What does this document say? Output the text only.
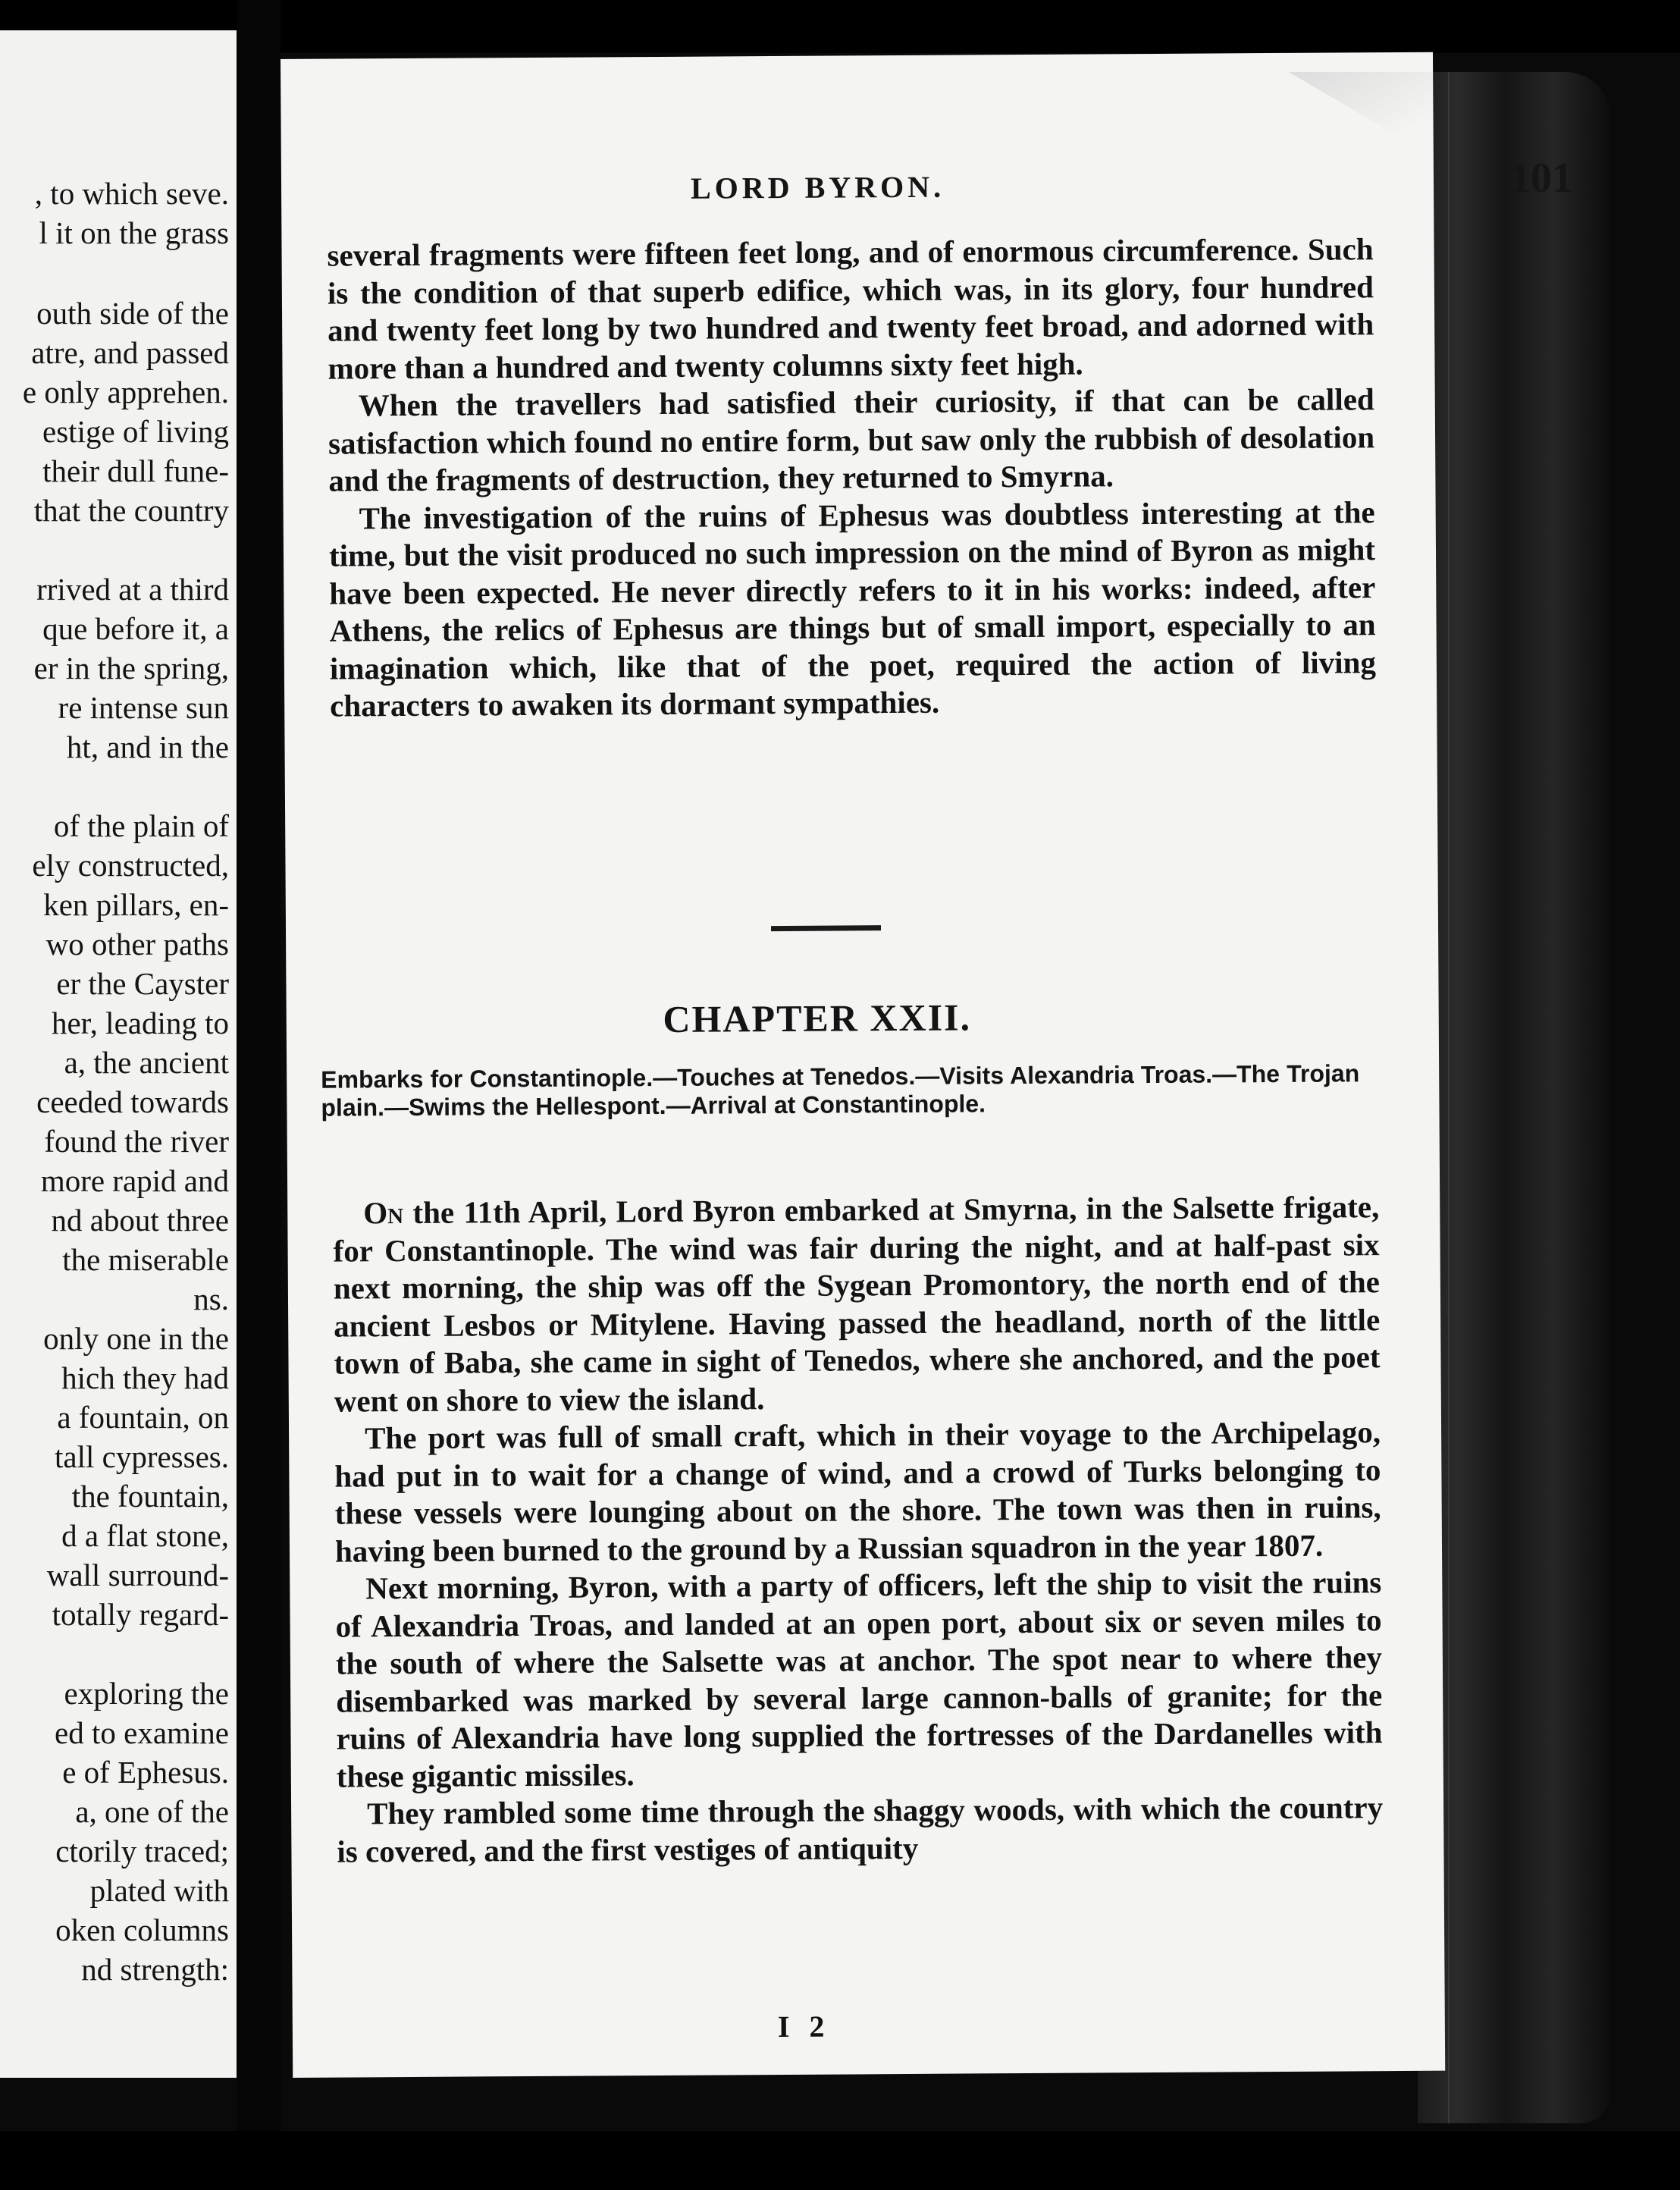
, to which seve.
l it on the grass
outh side of the
atre, and passed
e only apprehen.
estige of living
their dull fune-
that the country
rrived at a third
que before it, a
er in the spring,
re intense sun
ht, and in the
of the plain of
ely constructed,
ken pillars, en-
wo other paths
er the Cayster
her, leading to
a, the ancient
ceeded towards
found the river
more rapid and
nd about three
the miserable
ns.
only one in the
hich they had
a fountain, on
tall cypresses.
the fountain,
d a flat stone,
wall surround-
totally regard-
exploring the
ed to examine
e of Ephesus.
a, one of the
ctorily traced;
plated with
oken columns
nd strength:
LORD BYRON.	101

several fragments were fifteen feet long, and of enormous circumference. Such is the condition of that superb edifice, which was, in its glory, four hundred and twenty feet long by two hundred and twenty feet broad, and adorned with more than a hundred and twenty columns sixty feet high.

When the travellers had satisfied their curiosity, if that can be called satisfaction which found no entire form, but saw only the rubbish of desolation and the fragments of destruction, they returned to Smyrna.

The investigation of the ruins of Ephesus was doubtless interesting at the time, but the visit produced no such impression on the mind of Byron as might have been expected. He never directly refers to it in his works: indeed, after Athens, the relics of Ephesus are things but of small import, especially to an imagination which, like that of the poet, required the action of living characters to awaken its dormant sympathies.

CHAPTER XXII.
Embarks for Constantinople.—Touches at Tenedos.—Visits Alexandria Troas.—The Trojan plain.—Swims the Hellespont.—Arrival at Constantinople.

On the 11th April, Lord Byron embarked at Smyrna, in the Salsette frigate, for Constantinople. The wind was fair during the night, and at half-past six next morning, the ship was off the Sygean Promontory, the north end of the ancient Lesbos or Mitylene. Having passed the headland, north of the little town of Baba, she came in sight of Tenedos, where she anchored, and the poet went on shore to view the island.

The port was full of small craft, which in their voyage to the Archipelago, had put in to wait for a change of wind, and a crowd of Turks belonging to these vessels were lounging about on the shore. The town was then in ruins, having been burned to the ground by a Russian squadron in the year 1807.

Next morning, Byron, with a party of officers, left the ship to visit the ruins of Alexandria Troas, and landed at an open port, about six or seven miles to the south of where the Salsette was at anchor. The spot near to where they disembarked was marked by several large cannon-balls of granite; for the ruins of Alexandria have long supplied the fortresses of the Dardanelles with these gigantic missiles.

They rambled some time through the shaggy woods, with which the country is covered, and the first vestiges of antiquity

I 2
